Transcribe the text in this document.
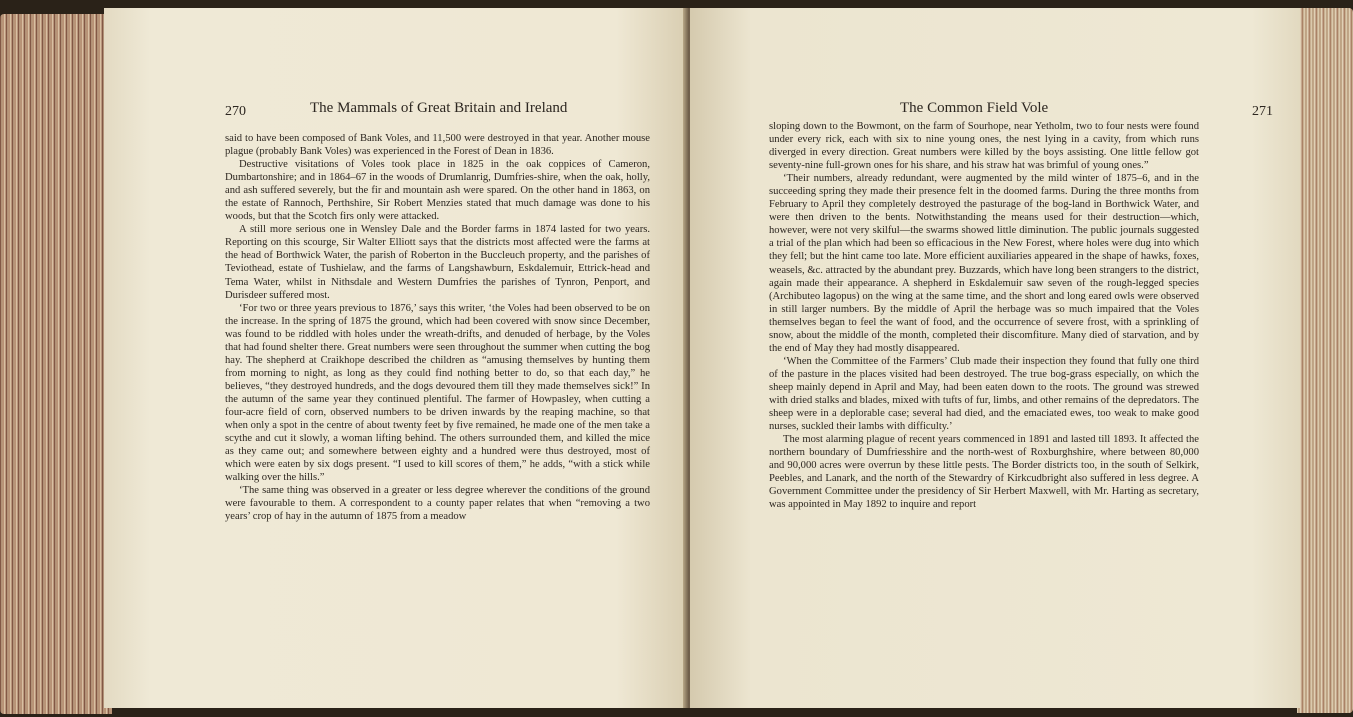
270	The Mammals of Great Britain and Ireland

said to have been composed of Bank Voles, and 11,500 were destroyed in that year. Another mouse plague (probably Bank Voles) was experienced in the Forest of Dean in 1836.

Destructive visitations of Voles took place in 1825 in the oak coppices of Cameron, Dumbartonshire; and in 1864–67 in the woods of Drumlanrig, Dumfries-shire, when the oak, holly, and ash suffered severely, but the fir and mountain ash were spared. On the other hand in 1863, on the estate of Rannoch, Perthshire, Sir Robert Menzies stated that much damage was done to his woods, but that the Scotch firs only were attacked.

A still more serious one in Wensley Dale and the Border farms in 1874 lasted for two years. Reporting on this scourge, Sir Walter Elliott says that the districts most affected were the farms at the head of Borthwick Water, the parish of Roberton in the Buccleuch property, and the parishes of Teviothead, estate of Tushielaw, and the farms of Langshawburn, Eskdalemuir, Ettrick-head and Tema Water, whilst in Nithsdale and Western Dumfries the parishes of Tynron, Penport, and Durisdeer suffered most.

‘For two or three years previous to 1876,’ says this writer, ‘the Voles had been observed to be on the increase. In the spring of 1875 the ground, which had been covered with snow since December, was found to be riddled with holes under the wreath-drifts, and denuded of herbage, by the Voles that had found shelter there. Great numbers were seen throughout the summer when cutting the bog hay. The shepherd at Craikhope described the children as “amusing themselves by hunting them from morning to night, as long as they could find nothing better to do, so that each day,” he believes, “they destroyed hundreds, and the dogs devoured them till they made themselves sick!” In the autumn of the same year they continued plentiful. The farmer of Howpasley, when cutting a four-acre field of corn, observed numbers to be driven inwards by the reaping machine, so that when only a spot in the centre of about twenty feet by five remained, he made one of the men take a scythe and cut it slowly, a woman lifting behind. The others surrounded them, and killed the mice as they came out; and somewhere between eighty and a hundred were thus destroyed, most of which were eaten by six dogs present. “I used to kill scores of them,” he adds, “with a stick while walking over the hills.”

‘The same thing was observed in a greater or less degree wherever the conditions of the ground were favourable to them. A correspondent to a county paper relates that when “removing a two years’ crop of hay in the autumn of 1875 from a meadow

The Common Field Vole	271

sloping down to the Bowmont, on the farm of Sourhope, near Yetholm, two to four nests were found under every rick, each with six to nine young ones, the nest lying in a cavity, from which runs diverged in every direction. Great numbers were killed by the boys assisting. One little fellow got seventy-nine full-grown ones for his share, and his straw hat was brimful of young ones.”

‘Their numbers, already redundant, were augmented by the mild winter of 1875–6, and in the succeeding spring they made their presence felt in the doomed farms. During the three months from February to April they completely destroyed the pasturage of the bog-land in Borthwick Water, and were then driven to the bents. Notwithstanding the means used for their destruction—which, however, were not very skilful—the swarms showed little diminution. The public journals suggested a trial of the plan which had been so efficacious in the New Forest, where holes were dug into which they fell; but the hint came too late. More efficient auxiliaries appeared in the shape of hawks, foxes, weasels, &c. attracted by the abundant prey. Buzzards, which have long been strangers to the district, again made their appearance. A shepherd in Eskdalemuir saw seven of the rough-legged species (Archibuteo lagopus) on the wing at the same time, and the short and long eared owls were observed in still larger numbers. By the middle of April the herbage was so much impaired that the Voles themselves began to feel the want of food, and the occurrence of severe frost, with a sprinkling of snow, about the middle of the month, completed their discomfiture. Many died of starvation, and by the end of May they had mostly disappeared.

‘When the Committee of the Farmers’ Club made their inspection they found that fully one third of the pasture in the places visited had been destroyed. The true bog-grass especially, on which the sheep mainly depend in April and May, had been eaten down to the roots. The ground was strewed with dried stalks and blades, mixed with tufts of fur, limbs, and other remains of the depredators. The sheep were in a deplorable case; several had died, and the emaciated ewes, too weak to make good nurses, suckled their lambs with difficulty.’

The most alarming plague of recent years commenced in 1891 and lasted till 1893. It affected the northern boundary of Dumfriesshire and the north-west of Roxburghshire, where between 80,000 and 90,000 acres were overrun by these little pests. The Border districts too, in the south of Selkirk, Peebles, and Lanark, and the north of the Stewardry of Kirkcudbright also suffered in less degree. A Government Committee under the presidency of Sir Herbert Maxwell, with Mr. Harting as secretary, was appointed in May 1892 to inquire and report
